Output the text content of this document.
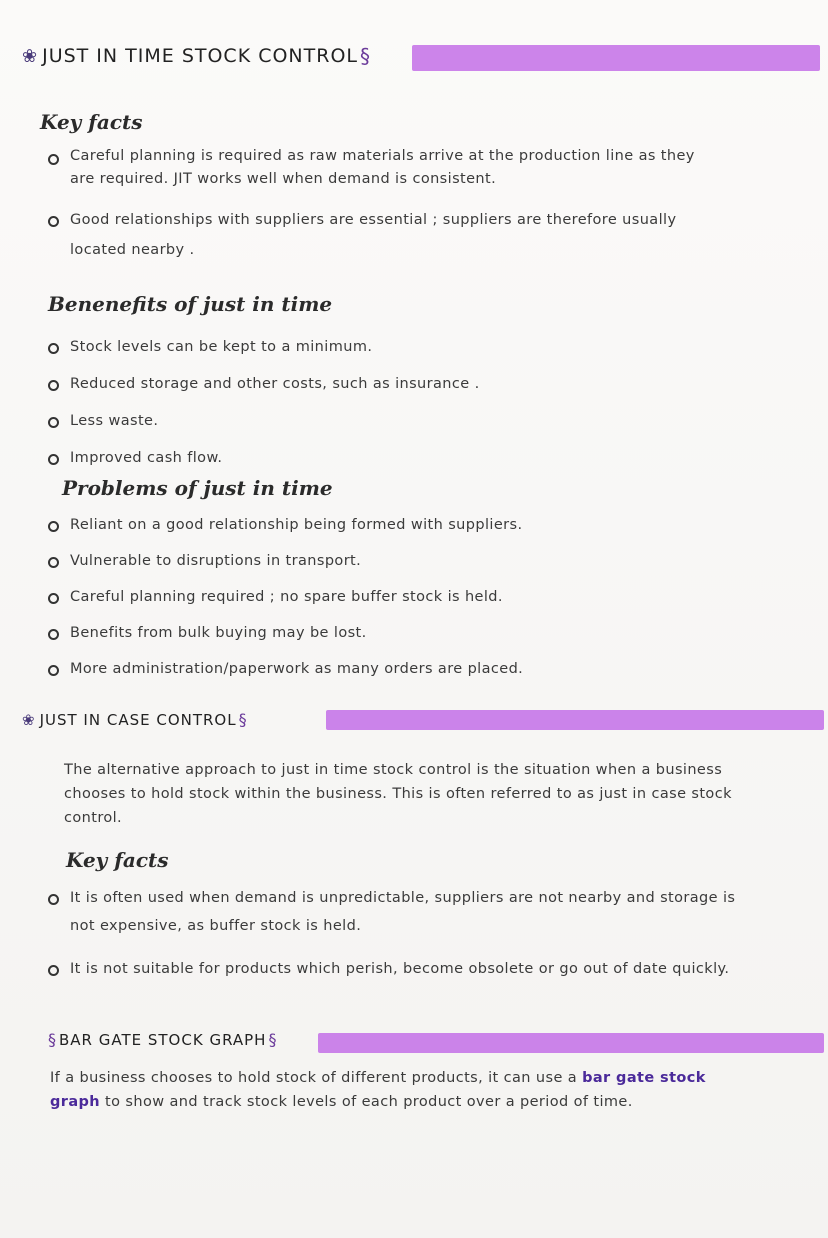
❀ JUST IN TIME STOCK CONTROL §
Key facts
Careful planning is required as raw materials arrive at the production line as they are required. JIT works well when demand is consistent.
Good relationships with suppliers are essential ; suppliers are therefore usually located nearby .
Benenefits of just in time
Stock levels can be kept to a minimum.
Reduced storage and other costs, such as insurance .
Less waste.
Improved cash flow.
Problems of just in time
Reliant on a good relationship being formed with suppliers.
Vulnerable to disruptions in transport.
Careful planning required ; no spare buffer stock is held.
Benefits from bulk buying may be lost.
More administration/paperwork as many orders are placed.
❀ JUST IN CASE CONTROL §
The alternative approach to just in time stock control is the situation when a business chooses to hold stock within the business. This is often referred to as just in case stock control.
Key facts
It is often used when demand is unpredictable, suppliers are not nearby and storage is not expensive, as buffer stock is held.
It is not suitable for products which perish, become obsolete or go out of date quickly.
§ BAR GATE STOCK GRAPH §
If a business chooses to hold stock of different products, it can use a bar gate stock graph to show and track stock levels of each product over a period of time.
